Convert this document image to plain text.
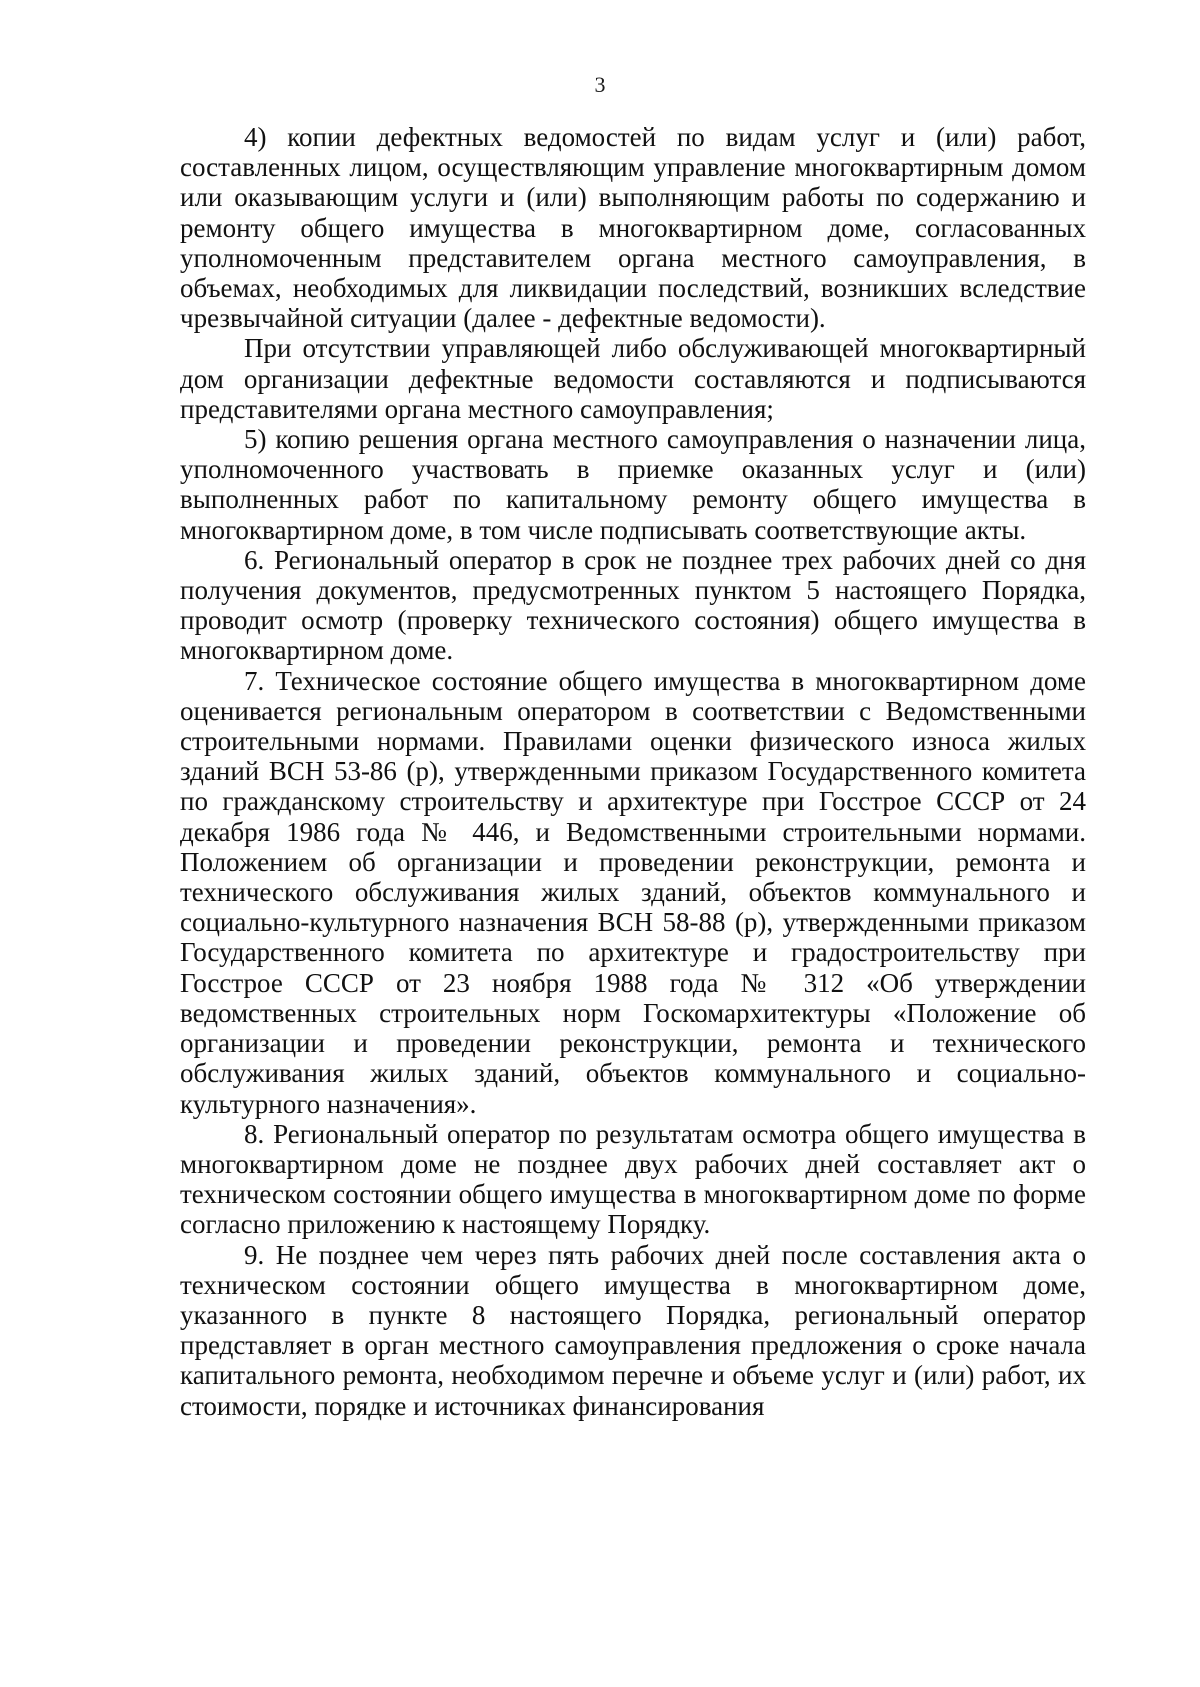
3

4) копии дефектных ведомостей по видам услуг и (или) работ, составленных лицом, осуществляющим управление многоквартирным домом или оказывающим услуги и (или) выполняющим работы по содержанию и ремонту общего имущества в многоквартирном доме, согласованных уполномоченным представителем органа местного самоуправления, в объемах, необходимых для ликвидации последствий, возникших вследствие чрезвычайной ситуации (далее - дефектные ведомости).

При отсутствии управляющей либо обслуживающей многоквартирный дом организации дефектные ведомости составляются и подписываются представителями органа местного самоуправления;

5) копию решения органа местного самоуправления о назначении лица, уполномоченного участвовать в приемке оказанных услуг и (или) выполненных работ по капитальному ремонту общего имущества в многоквартирном доме, в том числе подписывать соответствующие акты.

6. Региональный оператор в срок не позднее трех рабочих дней со дня получения документов, предусмотренных пунктом 5 настоящего Порядка, проводит осмотр (проверку технического состояния) общего имущества в многоквартирном доме.

7. Техническое состояние общего имущества в многоквартирном доме оценивается региональным оператором в соответствии с Ведомственными строительными нормами. Правилами оценки физического износа жилых зданий ВСН 53-86 (р), утвержденными приказом Государственного комитета по гражданскому строительству и архитектуре при Госстрое СССР от 24 декабря 1986 года № 446, и Ведомственными строительными нормами. Положением об организации и проведении реконструкции, ремонта и технического обслуживания жилых зданий, объектов коммунального и социально-культурного назначения ВСН 58-88 (р), утвержденными приказом Государственного комитета по архитектуре и градостроительству при Госстрое СССР от 23 ноября 1988 года № 312 «Об утверждении ведомственных строительных норм Госкомархитектуры «Положение об организации и проведении реконструкции, ремонта и технического обслуживания жилых зданий, объектов коммунального и социально-культурного назначения».

8. Региональный оператор по результатам осмотра общего имущества в многоквартирном доме не позднее двух рабочих дней составляет акт о техническом состоянии общего имущества в многоквартирном доме по форме согласно приложению к настоящему Порядку.

9. Не позднее чем через пять рабочих дней после составления акта о техническом состоянии общего имущества в многоквартирном доме, указанного в пункте 8 настоящего Порядка, региональный оператор представляет в орган местного самоуправления предложения о сроке начала капитального ремонта, необходимом перечне и объеме услуг и (или) работ, их стоимости, порядке и источниках финансирования
